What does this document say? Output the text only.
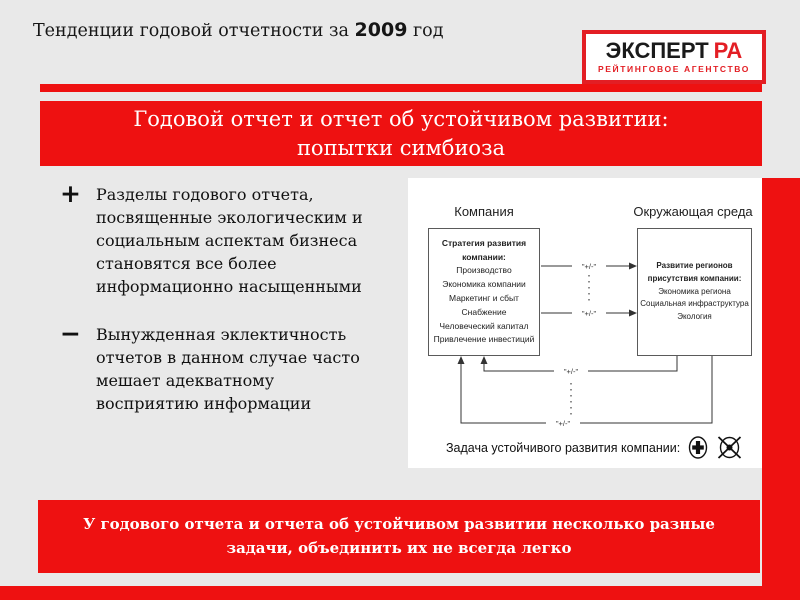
Тенденции годовой отчетности за 2009 год
ЭКСПЕРТ РА
РЕЙТИНГОВОЕ АГЕНТСТВО
Годовой отчет и отчет об устойчивом развитии: попытки симбиоза
+ Разделы годового отчета, посвященные экологическим и социальным аспектам бизнеса становятся все более информационно насыщенными
− Вынужденная эклектичность отчетов в данном случае часто мешает адекватному восприятию информации
Компания	Окружающая среда
Стратегия развития компании:
Производство
Экономика компании
Маркетинг и сбыт
Снабжение
Человеческий капитал
Привлечение инвестиций
Развитие регионов присутствия компании:
Экономика региона
Социальная инфраструктура
Экология
"+/-"
"+/-"
"+/-"
"+/-"
Задача устойчивого развития компании:
У годового отчета и отчета об устойчивом развитии несколько разные задачи, объединить их не всегда легко
